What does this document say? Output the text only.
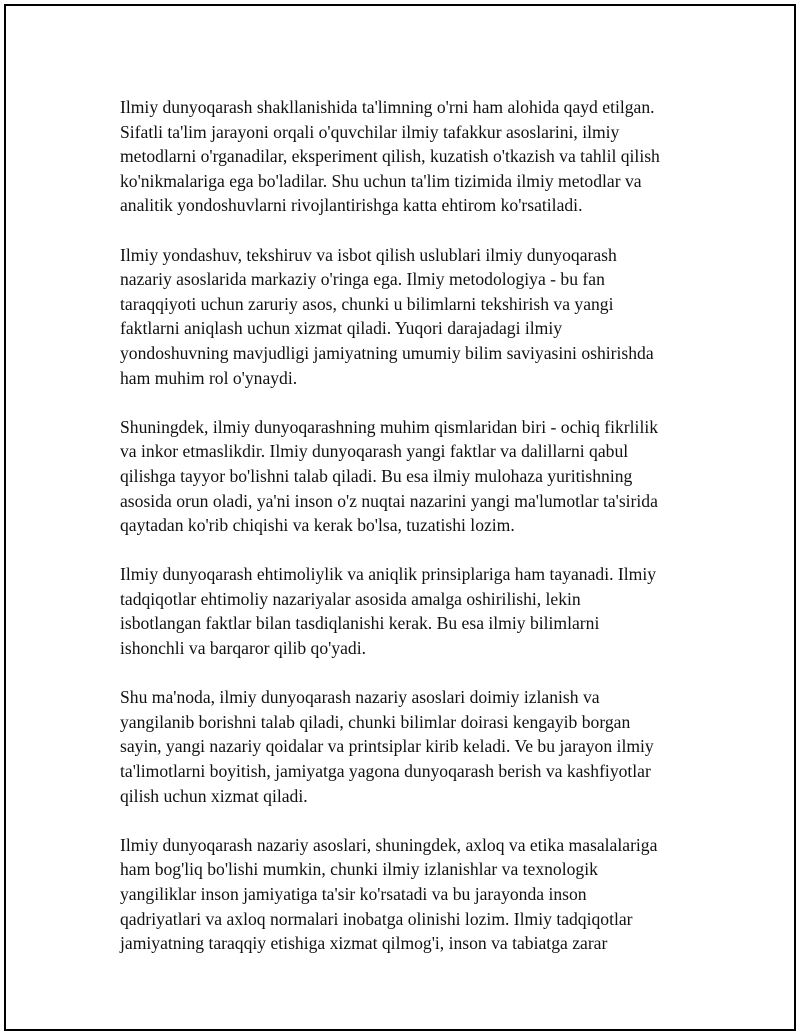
Ilmiy dunyoqarash shakllanishida ta'limning o'rni ham alohida qayd etilgan.
Sifatli ta'lim jarayoni orqali o'quvchilar ilmiy tafakkur asoslarini, ilmiy
metodlarni o'rganadilar, eksperiment qilish, kuzatish o'tkazish va tahlil qilish
ko'nikmalariga ega bo'ladilar. Shu uchun ta'lim tizimida ilmiy metodlar va
analitik yondoshuvlarni rivojlantirishga katta ehtirom ko'rsatiladi.

Ilmiy yondashuv, tekshiruv va isbot qilish uslublari ilmiy dunyoqarash
nazariy asoslarida markaziy o'ringa ega. Ilmiy metodologiya - bu fan
taraqqiyoti uchun zaruriy asos, chunki u bilimlarni tekshirish va yangi
faktlarni aniqlash uchun xizmat qiladi. Yuqori darajadagi ilmiy
yondoshuvning mavjudligi jamiyatning umumiy bilim saviyasini oshirishda
ham muhim rol o'ynaydi.

Shuningdek, ilmiy dunyoqarashning muhim qismlaridan biri - ochiq fikrlilik
va inkor etmaslikdir. Ilmiy dunyoqarash yangi faktlar va dalillarni qabul
qilishga tayyor bo'lishni talab qiladi. Bu esa ilmiy mulohaza yuritishning
asosida orun oladi, ya'ni inson o'z nuqtai nazarini yangi ma'lumotlar ta'sirida
qaytadan ko'rib chiqishi va kerak bo'lsa, tuzatishi lozim.

Ilmiy dunyoqarash ehtimoliylik va aniqlik prinsiplariga ham tayanadi. Ilmiy
tadqiqotlar ehtimoliy nazariyalar asosida amalga oshirilishi, lekin
isbotlangan faktlar bilan tasdiqlanishi kerak. Bu esa ilmiy bilimlarni
ishonchli va barqaror qilib qo'yadi.

Shu ma'noda, ilmiy dunyoqarash nazariy asoslari doimiy izlanish va
yangilanib borishni talab qiladi, chunki bilimlar doirasi kengayib borgan
sayin, yangi nazariy qoidalar va printsiplar kirib keladi. Ve bu jarayon ilmiy
ta'limotlarni boyitish, jamiyatga yagona dunyoqarash berish va kashfiyotlar
qilish uchun xizmat qiladi.

Ilmiy dunyoqarash nazariy asoslari, shuningdek, axloq va etika masalalariga
ham bog'liq bo'lishi mumkin, chunki ilmiy izlanishlar va texnologik
yangiliklar inson jamiyatiga ta'sir ko'rsatadi va bu jarayonda inson
qadriyatlari va axloq normalari inobatga olinishi lozim. Ilmiy tadqiqotlar
jamiyatning taraqqiy etishiga xizmat qilmog'i, inson va tabiatga zarar
